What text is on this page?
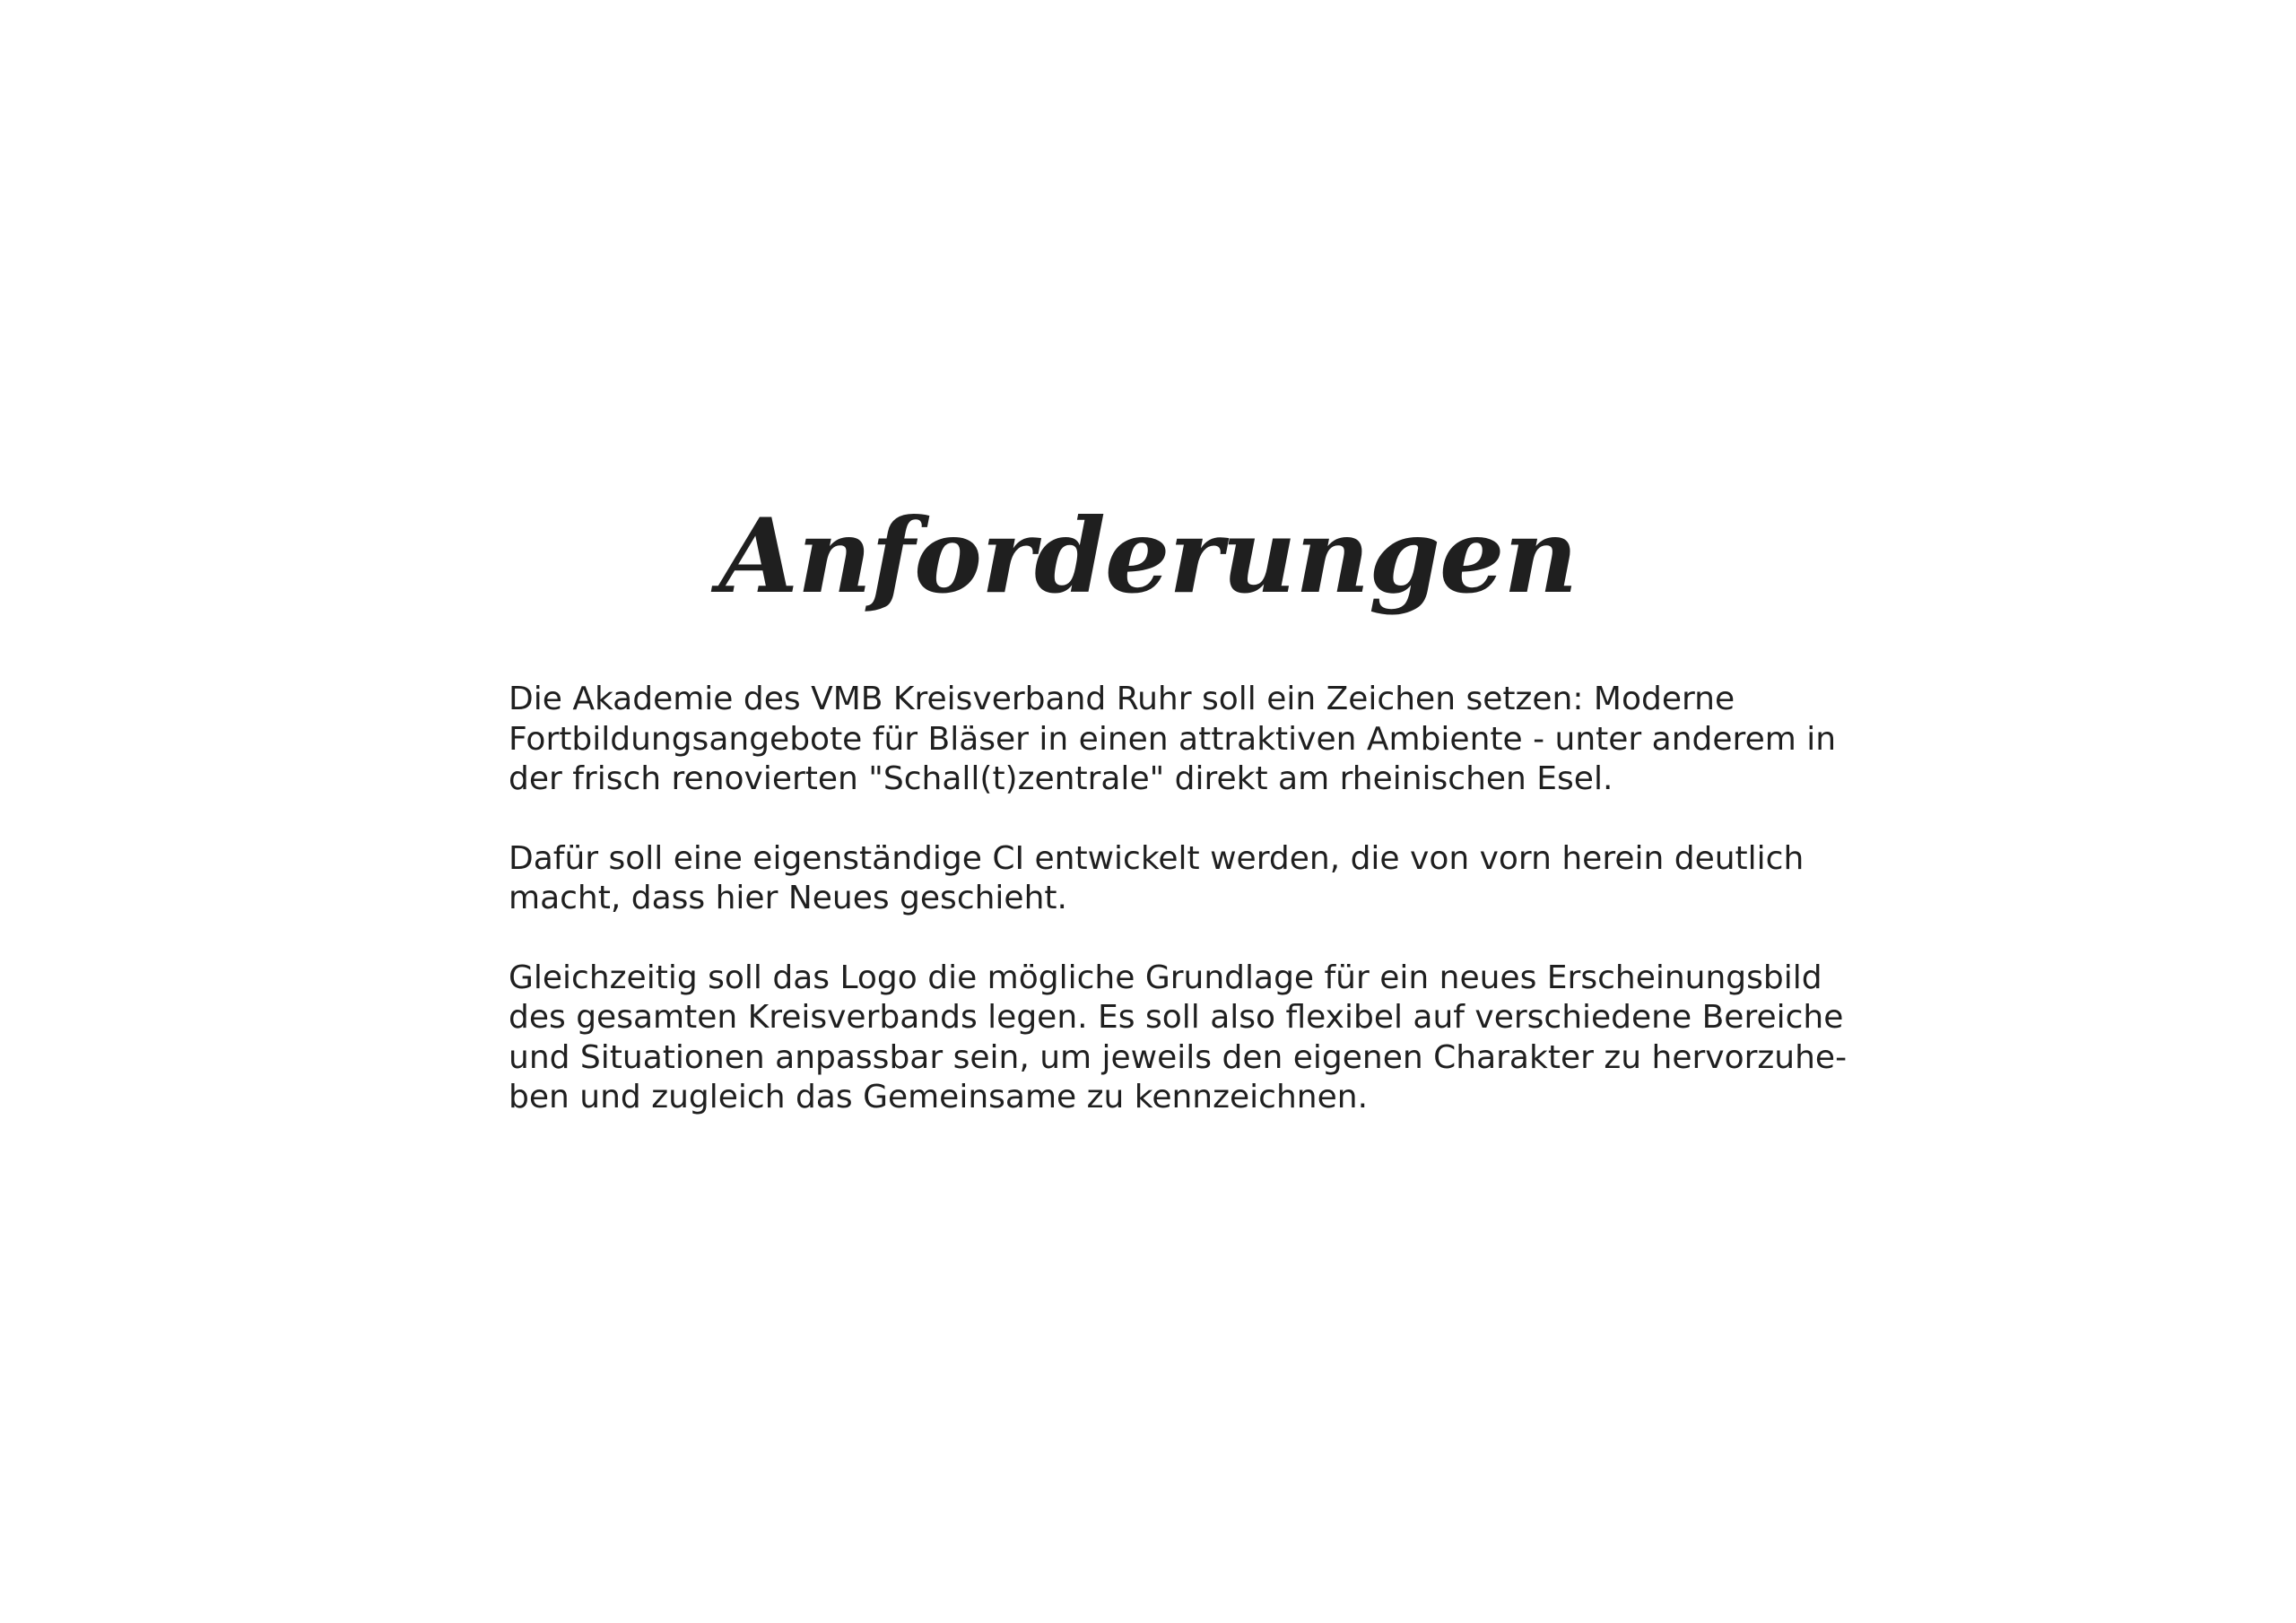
Anforderungen

Die Akademie des VMB Kreisverband Ruhr soll ein Zeichen setzen: Moderne
Fortbildungsangebote für Bläser in einen attraktiven Ambiente - unter anderem in
der frisch renovierten "Schall(t)zentrale" direkt am rheinischen Esel.

Dafür soll eine eigenständige CI entwickelt werden, die von vorn herein deutlich
macht, dass hier Neues geschieht.

Gleichzeitig soll das Logo die mögliche Grundlage für ein neues Erscheinungsbild
des gesamten Kreisverbands legen. Es soll also flexibel auf verschiedene Bereiche
und Situationen anpassbar sein, um jeweils den eigenen Charakter zu hervorzuhe-
ben und zugleich das Gemeinsame zu kennzeichnen.
